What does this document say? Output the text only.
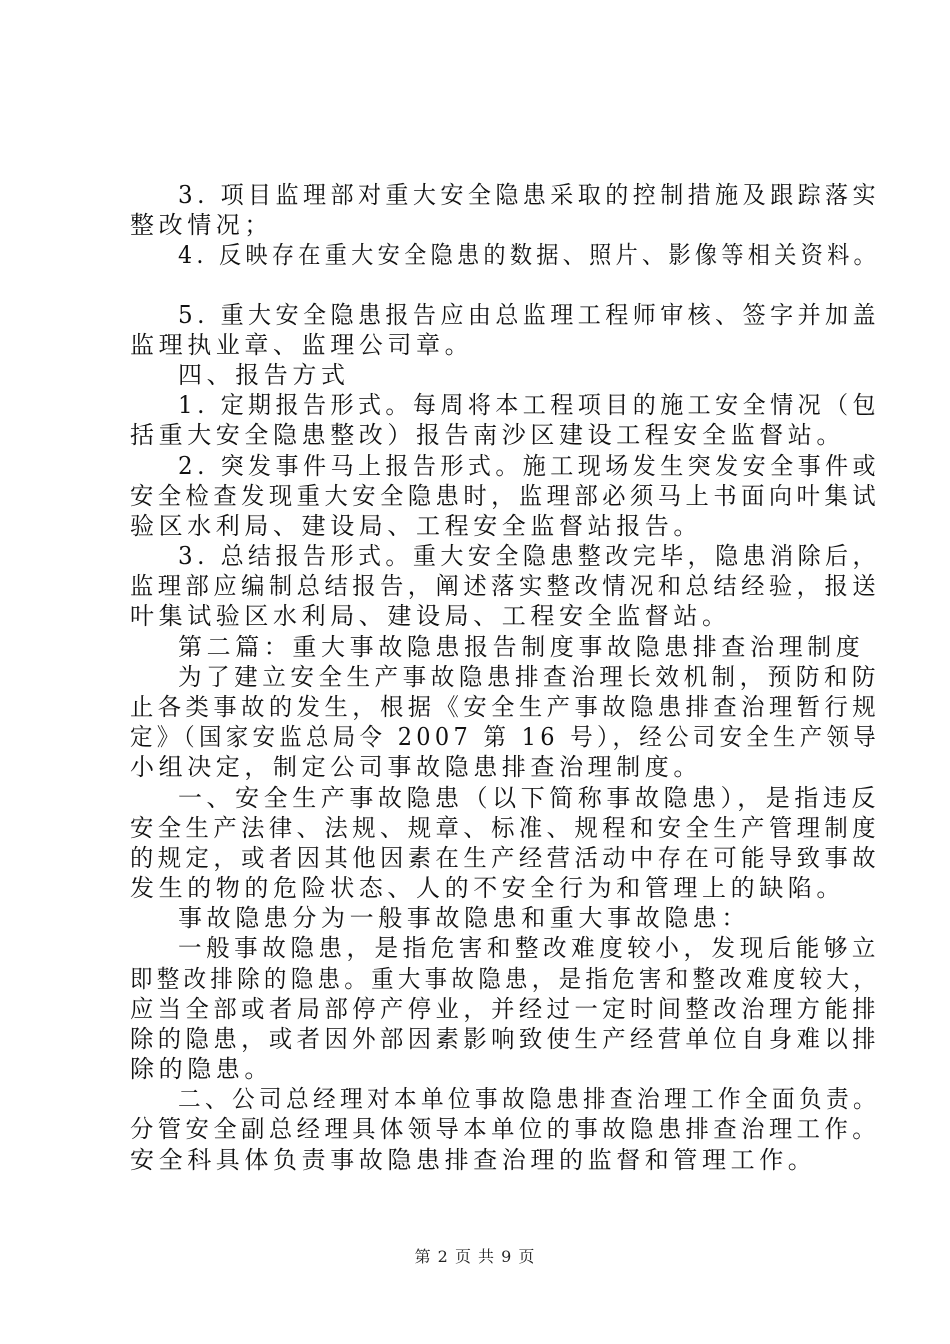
3. 项目监理部对重大安全隐患采取的控制措施及跟踪落实
整改情况；
4. 反映存在重大安全隐患的数据、照片、影像等相关资料。
5. 重大安全隐患报告应由总监理工程师审核、签字并加盖
监理执业章、监理公司章。
四、报告方式
1. 定期报告形式。每周将本工程项目的施工安全情况（包
括重大安全隐患整改）报告南沙区建设工程安全监督站。
2. 突发事件马上报告形式。施工现场发生突发安全事件或
安全检查发现重大安全隐患时，监理部必须马上书面向叶集试
验区水利局、建设局、工程安全监督站报告。
3. 总结报告形式。重大安全隐患整改完毕，隐患消除后，
监理部应编制总结报告，阐述落实整改情况和总结经验，报送
叶集试验区水利局、建设局、工程安全监督站。
第二篇：重大事故隐患报告制度事故隐患排查治理制度
为了建立安全生产事故隐患排查治理长效机制，预防和防
止各类事故的发生，根据《安全生产事故隐患排查治理暂行规
定》（国家安监总局令 2007 第 16 号），经公司安全生产领导
小组决定，制定公司事故隐患排查治理制度。
一、安全生产事故隐患（以下简称事故隐患），是指违反
安全生产法律、法规、规章、标准、规程和安全生产管理制度
的规定，或者因其他因素在生产经营活动中存在可能导致事故
发生的物的危险状态、人的不安全行为和管理上的缺陷。
事故隐患分为一般事故隐患和重大事故隐患：
一般事故隐患，是指危害和整改难度较小，发现后能够立
即整改排除的隐患。重大事故隐患，是指危害和整改难度较大，
应当全部或者局部停产停业，并经过一定时间整改治理方能排
除的隐患，或者因外部因素影响致使生产经营单位自身难以排
除的隐患。
二、公司总经理对本单位事故隐患排查治理工作全面负责。
分管安全副总经理具体领导本单位的事故隐患排查治理工作。
安全科具体负责事故隐患排查治理的监督和管理工作。
第 2 页 共 9 页
